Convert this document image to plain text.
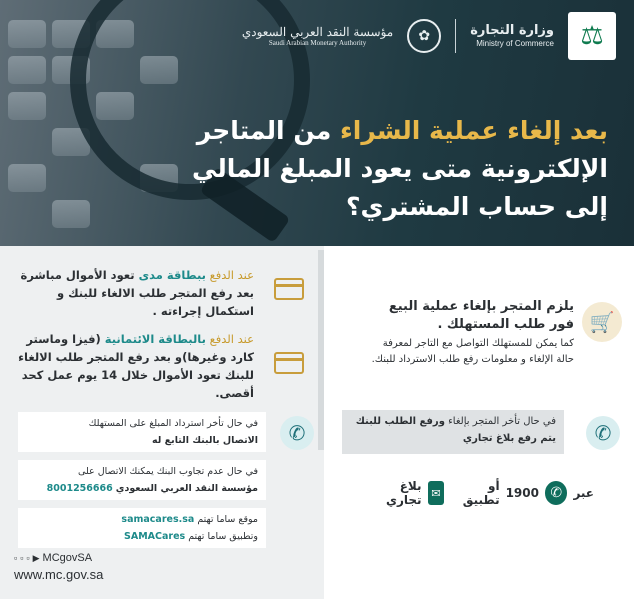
⚖
وزارة التجارة
Ministry of Commerce
✿
مؤسسة النقد العربي السعودي
Saudi Arabian Monetary Authority
بعد إلغاء عملية الشراء من المتاجر
الإلكترونية متى يعود المبلغ المالي
إلى حساب المشتري؟
يلزم المتجر بإلغاء عملية البيع فور طلب المستهلك .
كما يمكن للمستهلك التواصل مع التاجر لمعرفة حالة الإلغاء و معلومات رفع طلب الاسترداد للبنك.
🛒
في حال تأخر المتجر بإلغاء ورفع الطلب للبنك
يتم رفع بلاغ تجاري	✆
عبر
✆
1900
أو تطبيق
✉
بلاغ تجاري
عند الدفع ببطاقة مدى تعود الأموال مباشرة بعد رفع المتجر طلب الالغاء للبنك و استكمال إجراءته .
عند الدفع بالبطاقة الائتمانية (فيزا وماستر كارد وغيرها)و بعد رفع المتجر طلب الالغاء للبنك تعود الأموال خلال 14 يوم عمل كحد أقصى.
في حال تأخر استرداد المبلغ على المستهلك
الاتصال بالبنك التابع له	✆
في حال عدم تجاوب البنك يمكنك الاتصال على
مؤسسة النقد العربي السعودي 8001256666
موقع ساما تهتم samacares.sa
وتطبيق ساما تهتم SAMACares
▫ ▫ ▫ ▶ MCgovSA
www.mc.gov.sa
